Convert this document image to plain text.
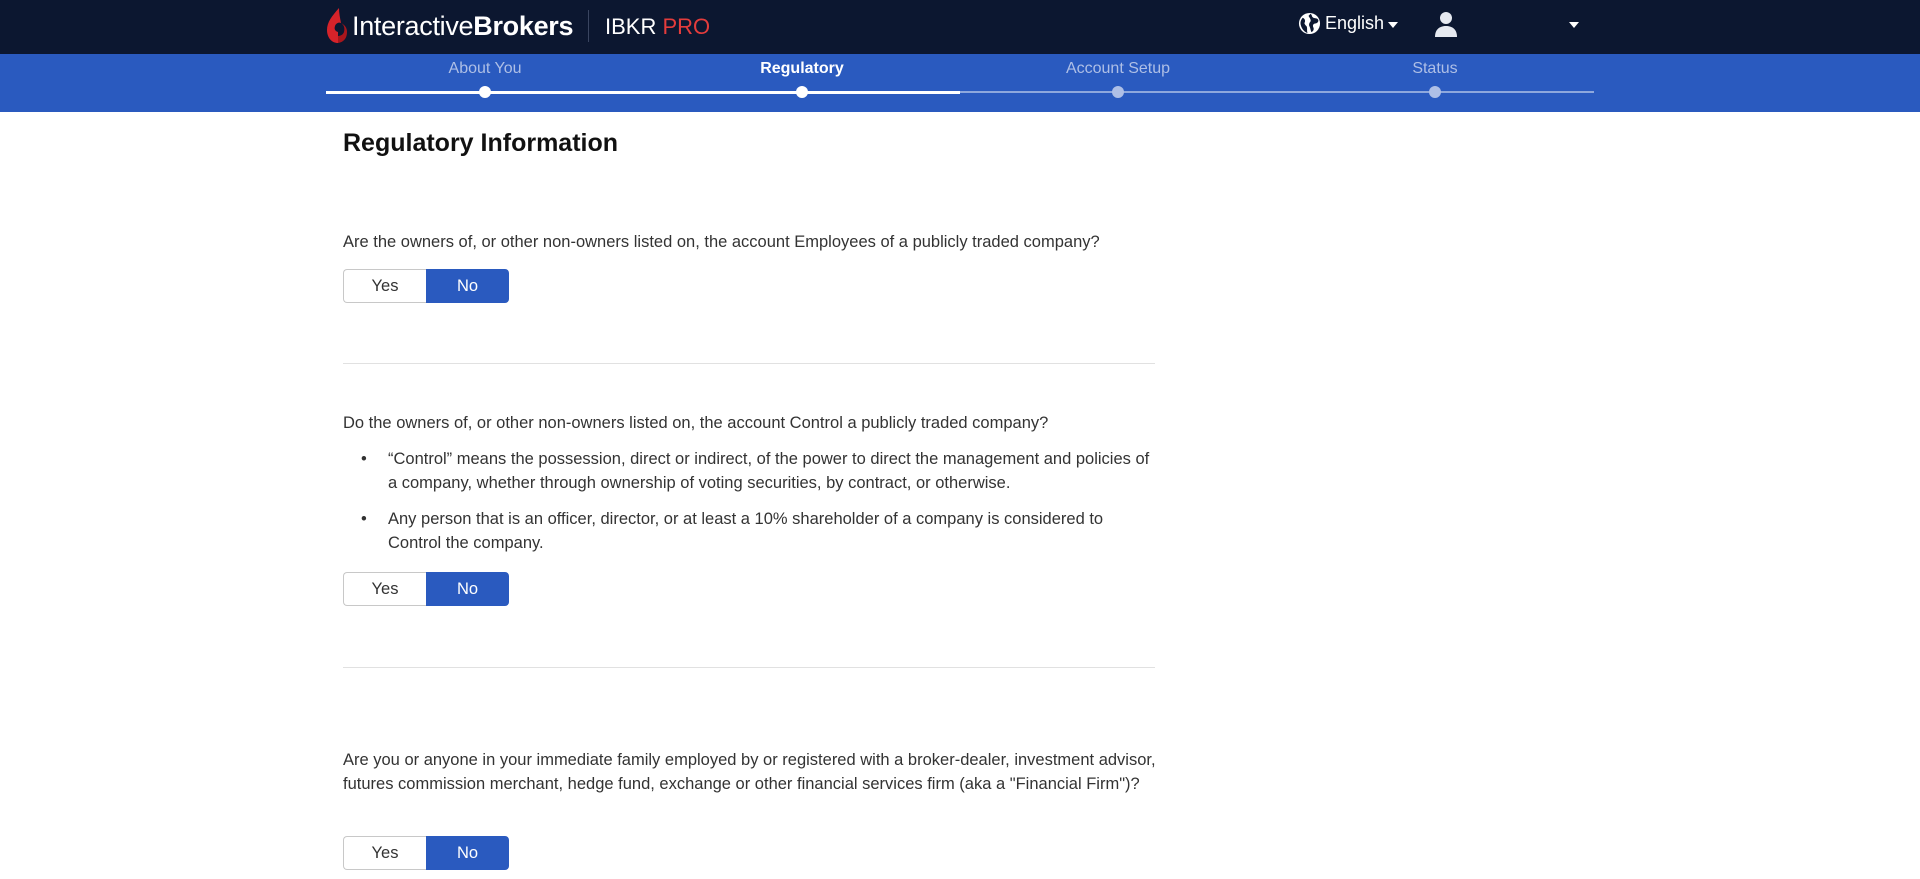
InteractiveBrokers IBKR PRO	English
About You	Regulatory	Account Setup	Status
Regulatory Information

Are the owners of, or other non-owners listed on, the account Employees of a publicly traded company?

Yes	No

Do the owners of, or other non-owners listed on, the account Control a publicly traded company?

• “Control” means the possession, direct or indirect, of the power to direct the management and policies of a company, whether through ownership of voting securities, by contract, or otherwise.
• Any person that is an officer, director, or at least a 10% shareholder of a company is considered to Control the company.
Yes	No

Are you or anyone in your immediate family employed by or registered with a broker-dealer, investment advisor, futures commission merchant, hedge fund, exchange or other financial services firm (aka a "Financial Firm")?

Yes	No
